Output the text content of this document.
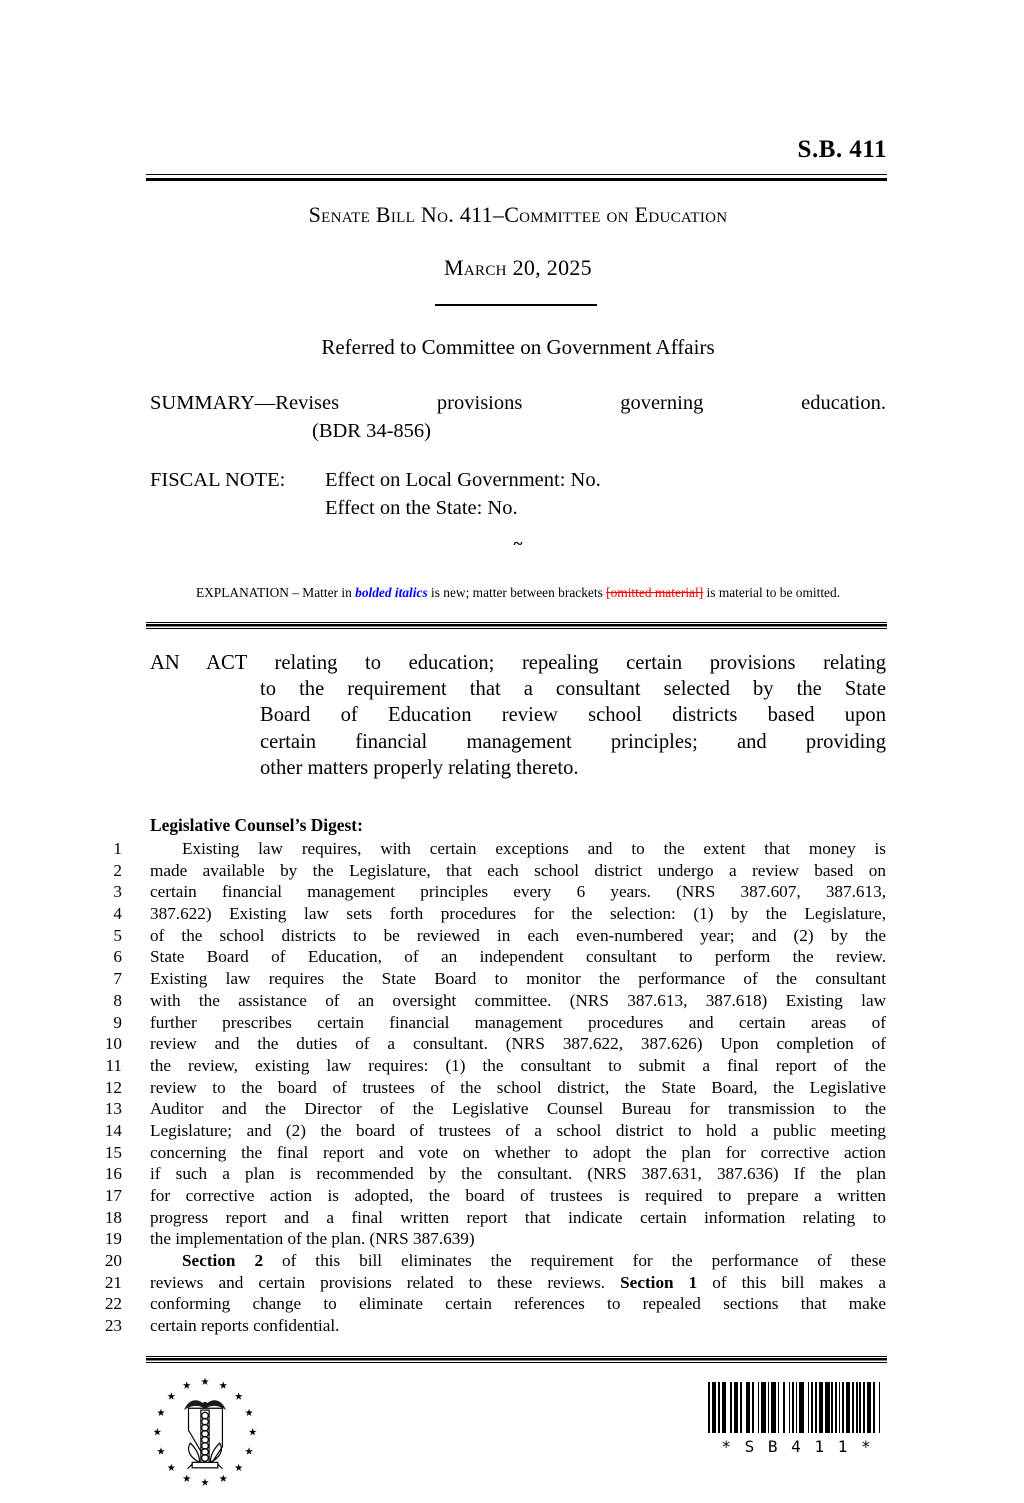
S.B. 411
Senate Bill No. 411–Committee on Education
March 20, 2025
Referred to Committee on Government Affairs
SUMMARY—Revises provisions governing education.
(BDR 34-856)
FISCAL NOTE:	Effect on Local Government: No.
Effect on the State: No.
~
EXPLANATION – Matter in bolded italics is new; matter between brackets [omitted material] is material to be omitted.
AN ACT relating to education; repealing certain provisions relating
to the requirement that a consultant selected by the State
Board of Education review school districts based upon
certain financial management principles; and providing
other matters properly relating thereto.
Legislative Counsel’s Digest:
1	Existing law requires, with certain exceptions and to the extent that money is
2 made available by the Legislature, that each school district undergo a review based on
3 certain financial management principles every 6 years. (NRS 387.607, 387.613,
4 387.622) Existing law sets forth procedures for the selection: (1) by the Legislature,
5 of the school districts to be reviewed in each even-numbered year; and (2) by the
6 State Board of Education, of an independent consultant to perform the review.
7 Existing law requires the State Board to monitor the performance of the consultant
8 with the assistance of an oversight committee. (NRS 387.613, 387.618) Existing law
9 further prescribes certain financial management procedures and certain areas of
10 review and the duties of a consultant. (NRS 387.622, 387.626) Upon completion of
11 the review, existing law requires: (1) the consultant to submit a final report of the
12 review to the board of trustees of the school district, the State Board, the Legislative
13 Auditor and the Director of the Legislative Counsel Bureau for transmission to the
14 Legislature; and (2) the board of trustees of a school district to hold a public meeting
15 concerning the final report and vote on whether to adopt the plan for corrective action
16 if such a plan is recommended by the consultant. (NRS 387.631, 387.636) If the plan
17 for corrective action is adopted, the board of trustees is required to prepare a written
18 progress report and a final written report that indicate certain information relating to
19 the implementation of the plan. (NRS 387.639)
20	Section 2 of this bill eliminates the requirement for the performance of these
21 reviews and certain provisions related to these reviews. Section 1 of this bill makes a
22 conforming change to eliminate certain references to repealed sections that make
23 certain reports confidential.
* S B 4 1 1 *
